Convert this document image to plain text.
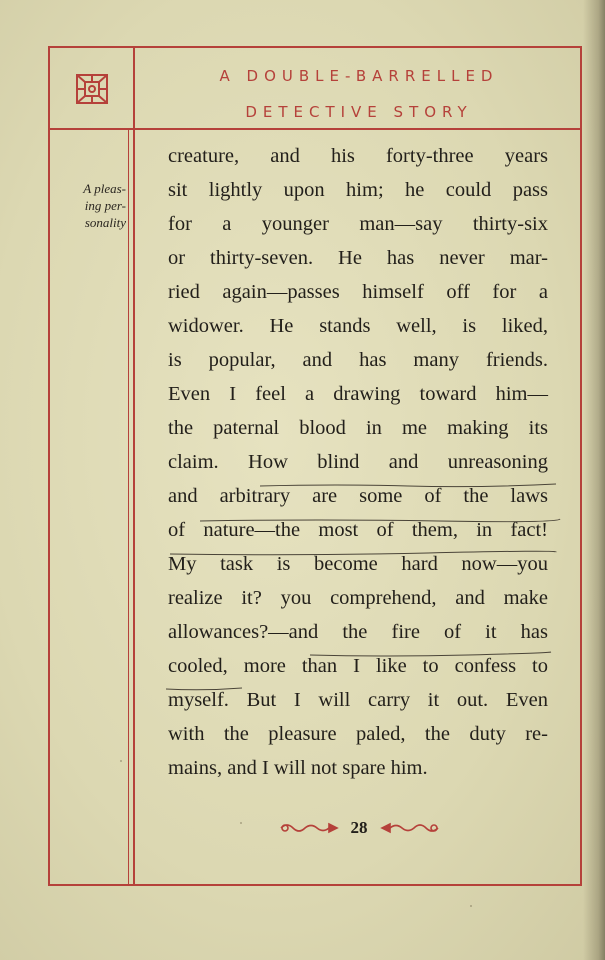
A DOUBLE-BARRELLED
DETECTIVE STORY
A pleas-
ing per-
sonality
creature, and his forty-three years
sit lightly upon him; he could pass
for a younger man—say thirty-six
or thirty-seven. He has never mar-
ried again—passes himself off for a
widower. He stands well, is liked,
is popular, and has many friends.
Even I feel a drawing toward him—
the paternal blood in me making its
claim. How blind and unreasoning
and arbitrary are some of the laws
of nature—the most of them, in fact!
My task is become hard now—you
realize it? you comprehend, and make
allowances?—and the fire of it has
cooled, more than I like to confess to
myself. But I will carry it out. Even
with the pleasure paled, the duty re-
mains, and I will not spare him.
28
